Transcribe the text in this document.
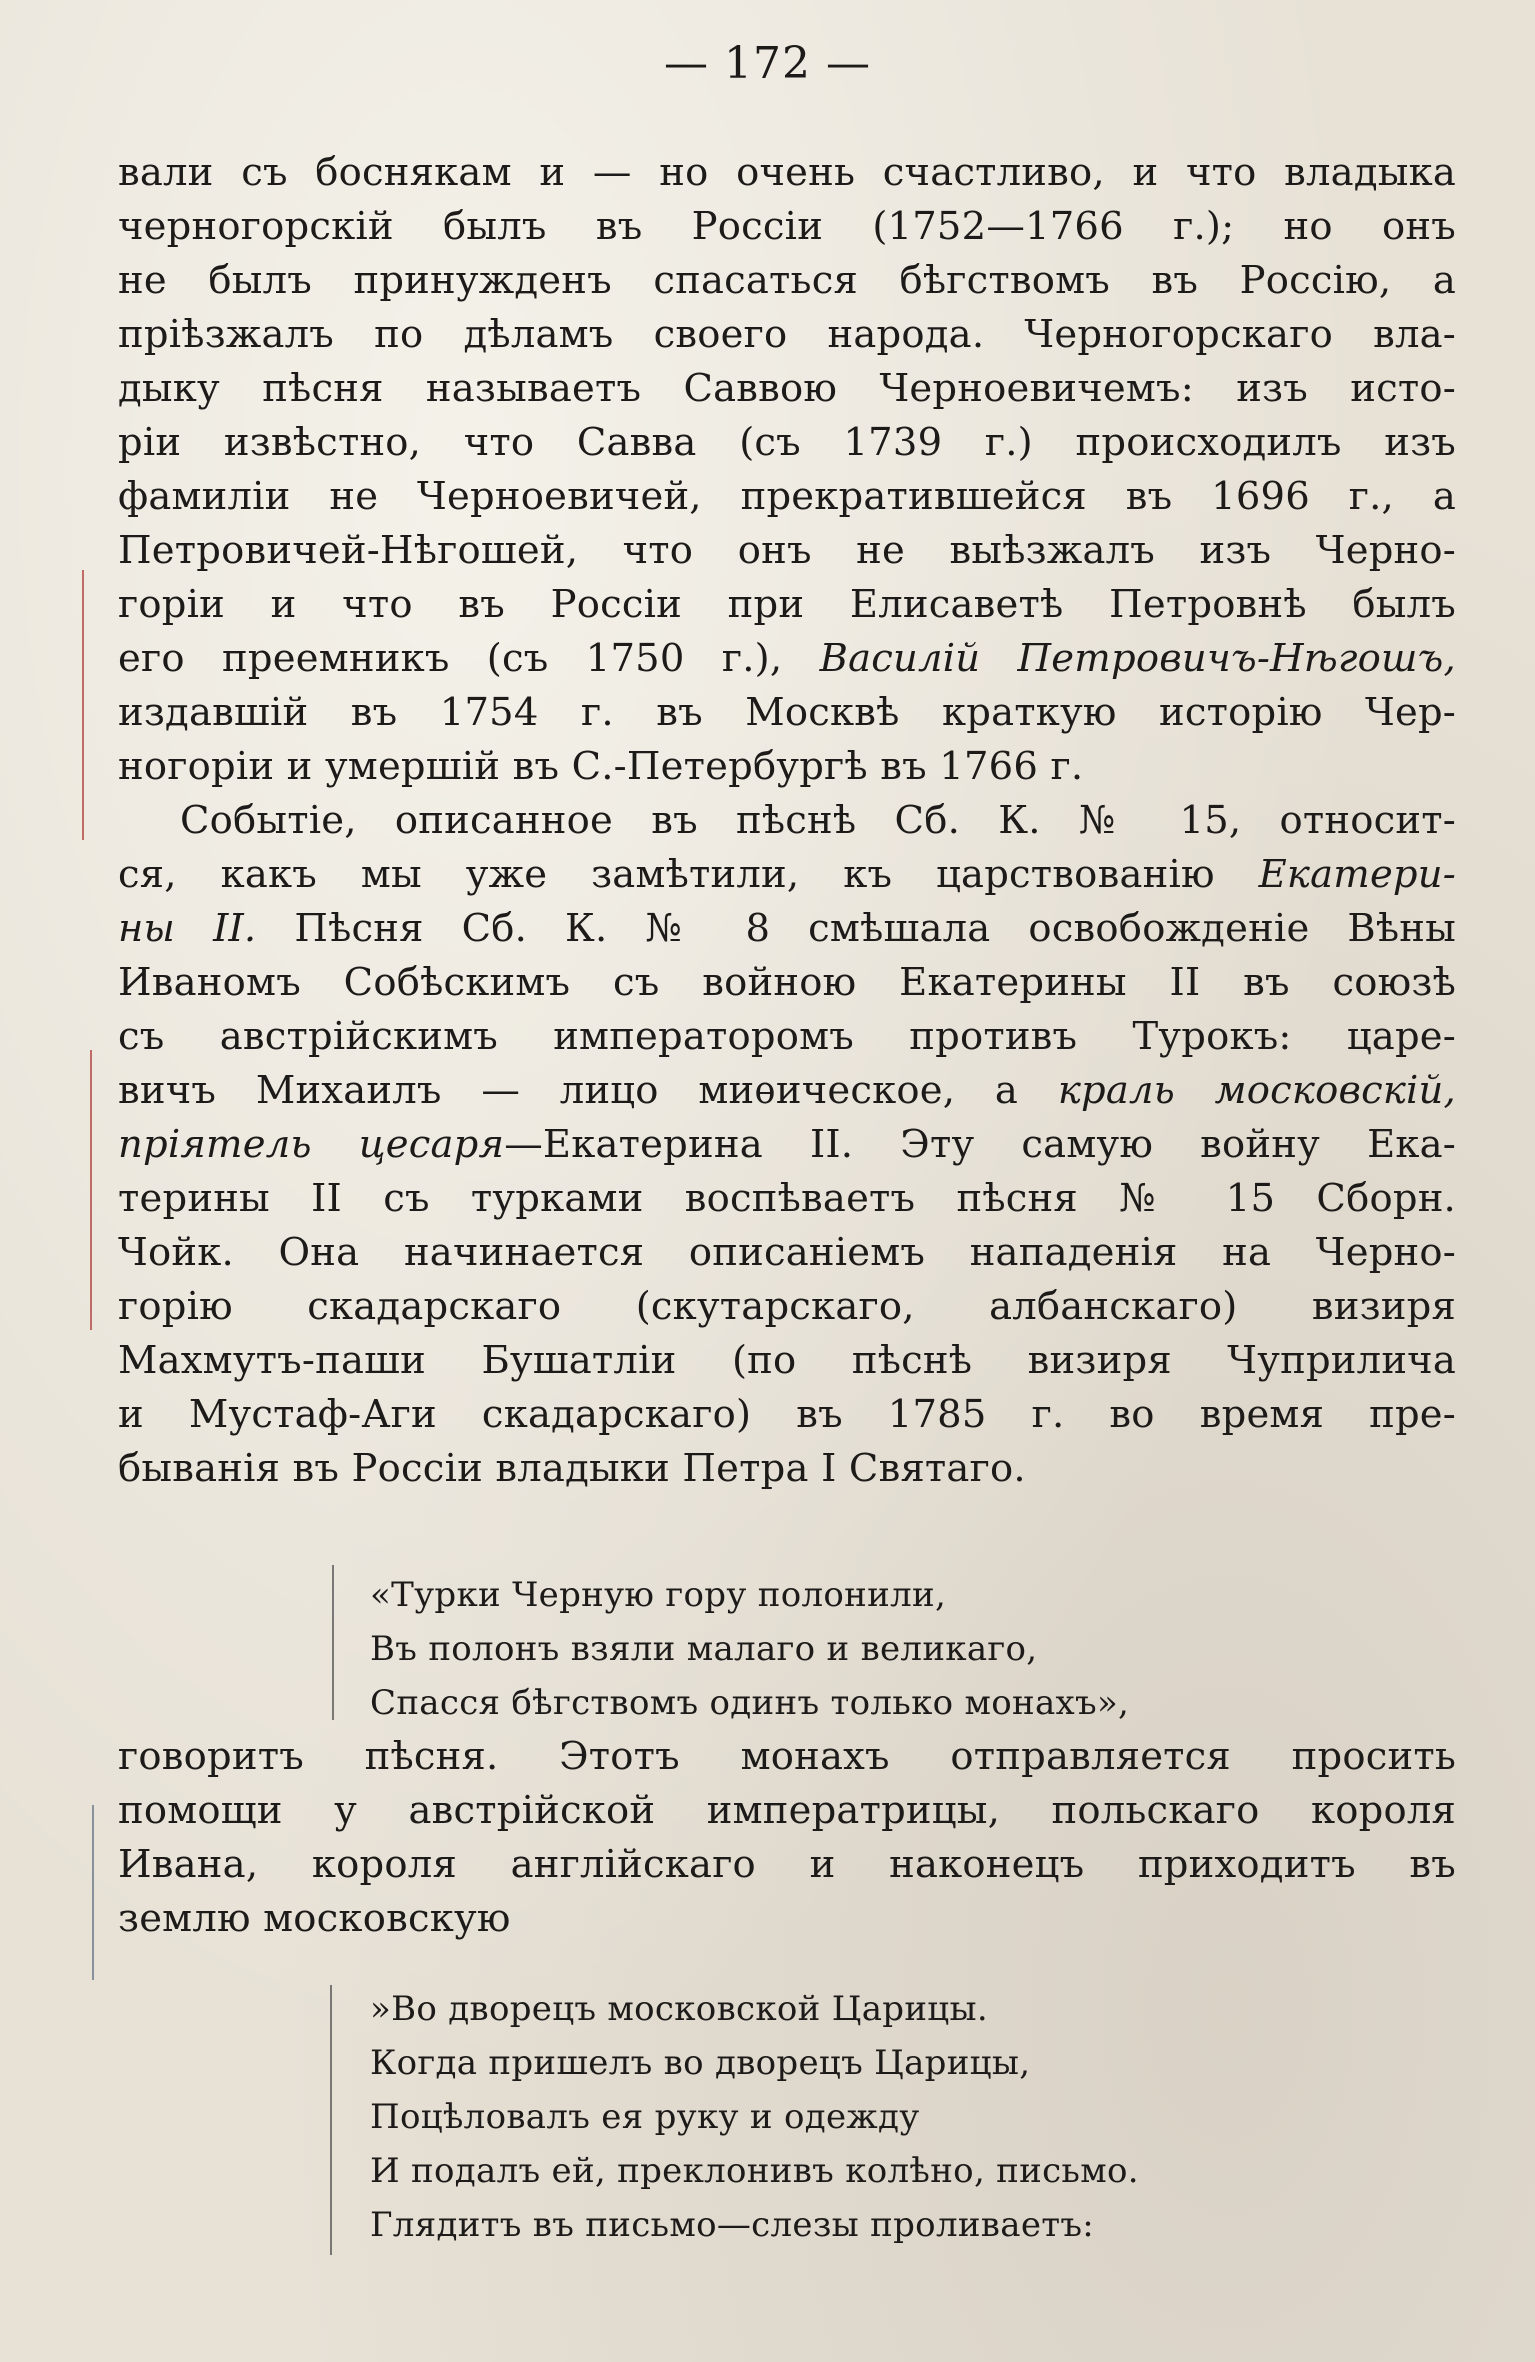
— 172 —
вали съ боснякам и — но очень счастливо, и что владыка
черногорскій былъ въ Россіи (1752—1766 г.); но онъ
не былъ принужденъ спасаться бѣгствомъ въ Россію, а
пріѣзжалъ по дѣламъ своего народа. Черногорскаго вла-
дыку пѣсня называетъ Саввою Черноевичемъ: изъ исто-
ріи извѣстно, что Савва (съ 1739 г.) происходилъ изъ
фамиліи не Черноевичей, прекратившейся въ 1696 г., а
Петровичей-Нѣгошей, что онъ не выѣзжалъ изъ Черно-
горіи и что въ Россіи при Елисаветѣ Петровнѣ былъ
его преемникъ (съ 1750 г.), Василій Петровичъ-Нѣгошъ,
издавшій въ 1754 г. въ Москвѣ краткую исторію Чер-
ногоріи и умершій въ С.-Петербургѣ въ 1766 г.
Событіе, описанное въ пѣснѣ Сб. К. № 15, относит-
ся, какъ мы уже замѣтили, къ царствованію Екатери-
ны II. Пѣсня Сб. К. № 8 смѣшала освобожденіе Вѣны
Иваномъ Собѣскимъ съ войною Екатерины II въ союзѣ
съ австрійскимъ императоромъ противъ Турокъ: царе-
вичъ Михаилъ — лицо миѳическое, а краль московскій,
пріятель цесаря—Екатерина II. Эту самую войну Ека-
терины II съ турками воспѣваетъ пѣсня № 15 Сборн.
Чойк. Она начинается описаніемъ нападенія на Черно-
горію скадарскаго (скутарскаго, албанскаго) визиря
Махмутъ-паши Бушатліи (по пѣснѣ визиря Чуприлича
и Мустаф-Аги скадарскаго) въ 1785 г. во время пре-
быванія въ Россіи владыки Петра I Святаго.
«Турки Черную гору полонили,
Въ полонъ взяли малаго и великаго,
Спасся бѣгствомъ одинъ только монахъ»,
говоритъ пѣсня. Этотъ монахъ отправляется просить
помощи у австрійской императрицы, польскаго короля
Ивана, короля англійскаго и наконецъ приходитъ въ
землю московскую
»Во дворецъ московской Царицы.
Когда пришелъ во дворецъ Царицы,
Поцѣловалъ ея руку и одежду
И подалъ ей, преклонивъ колѣно, письмо.
Глядитъ въ письмо—слезы проливаетъ:
